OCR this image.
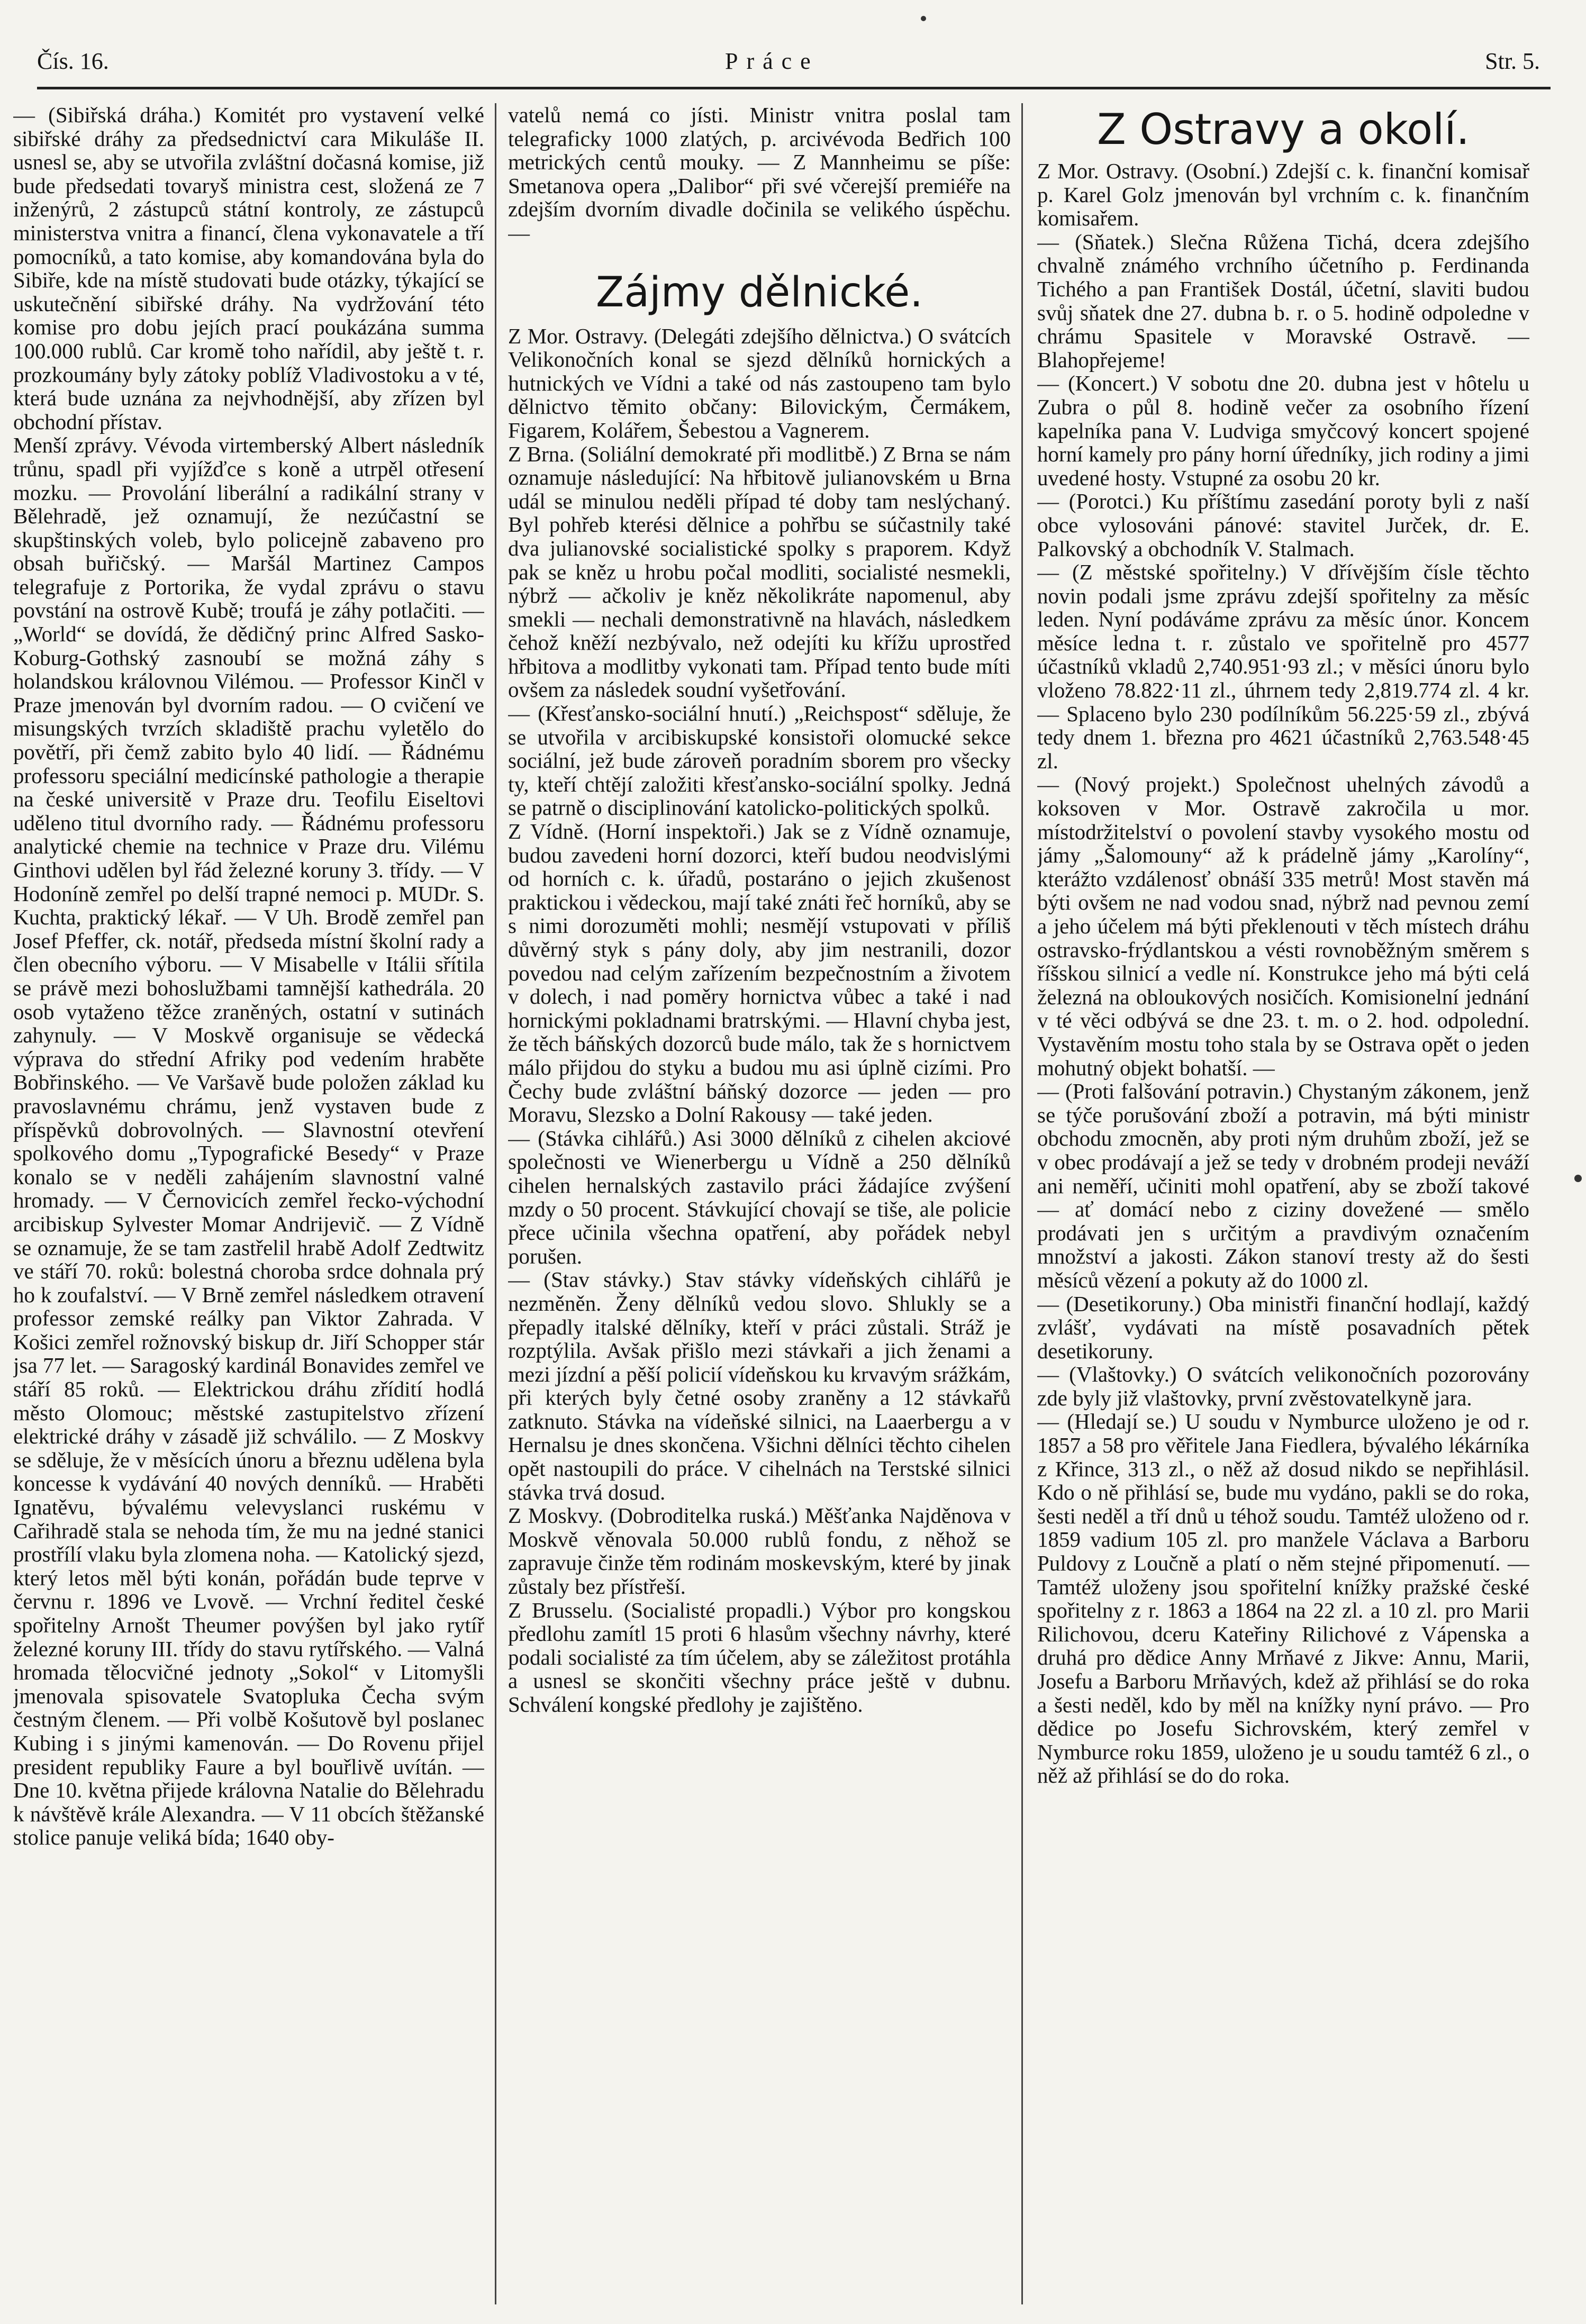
Čís. 16.	Práce	Str. 5.

— (Sibiřská dráha.) Komitét pro vystavení velké sibiřské dráhy za předsednictví cara Mikuláše II. usnesl se, aby se utvořila zvláštní dočasná komise, již bude předsedati tovaryš ministra cest, složená ze 7 inženýrů, 2 zástupců státní kontroly, ze zástupců ministerstva vnitra a financí, člena vykonavatele a tří pomocníků, a tato komise, aby komandována byla do Sibiře, kde na místě studovati bude otázky, týkající se uskutečnění sibiřské dráhy. Na vydržování této komise pro dobu jejích prací poukázána summa 100.000 rublů. Car kromě toho nařídil, aby ještě t. r. prozkoumány byly zátoky poblíž Vladivostoku a v té, která bude uznána za nejvhodnější, aby zřízen byl obchodní přístav.

Menší zprávy. Vévoda virtemberský Albert následník trůnu, spadl při vyjížďce s koně a utrpěl otřesení mozku. — Provolání liberální a radikální strany v Bělehradě, jež oznamují, že nezúčastní se skupštinských voleb, bylo policejně zabaveno pro obsah buřičský. — Maršál Martinez Campos telegrafuje z Portorika, že vydal zprávu o stavu povstání na ostrově Kubě; troufá je záhy potlačiti. — „World“ se dovídá, že dědičný princ Alfred Sasko-Koburg-Gothský zasnoubí se možná záhy s holandskou královnou Vilémou. — Professor Kinčl v Praze jmenován byl dvorním radou. — O cvičení ve misungských tvrzích skladiště prachu vyletělo do povětří, při čemž zabito bylo 40 lidí. — Řádnému professoru speciální medicínské pathologie a therapie na české universitě v Praze dru. Teofilu Eiseltovi uděleno titul dvorního rady. — Řádnému professoru analytické chemie na technice v Praze dru. Vilému Ginthovi udělen byl řád železné koruny 3. třídy. — V Hodoníně zemřel po delší trapné nemoci p. MUDr. S. Kuchta, praktický lékař. — V Uh. Brodě zemřel pan Josef Pfeffer, ck. notář, předseda místní školní rady a člen obecního výboru. — V Misabelle v Itálii sřítila se právě mezi bohoslužbami tamnější kathedrála. 20 osob vytaženo těžce zraněných, ostatní v sutinách zahynuly. — V Moskvě organisuje se vědecká výprava do střední Afriky pod vedením hraběte Bobřinského. — Ve Varšavě bude položen základ ku pravoslavnému chrámu, jenž vystaven bude z příspěvků dobrovolných. — Slavnostní otevření spolkového domu „Typografické Besedy“ v Praze konalo se v neděli zahájením slavnostní valné hromady. — V Černovicích zemřel řecko-východní arcibiskup Sylvester Momar Andrijevič. — Z Vídně se oznamuje, že se tam zastřelil hrabě Adolf Zedtwitz ve stáří 70. roků: bolestná choroba srdce dohnala prý ho k zoufalství. — V Brně zemřel následkem otravení professor zemské reálky pan Viktor Zahrada. V Košici zemřel rožnovský biskup dr. Jiří Schopper stár jsa 77 let. — Saragoský kardinál Bonavides zemřel ve stáří 85 roků. — Elektrickou dráhu zřídití hodlá město Olomouc; městské zastupitelstvo zřízení elektrické dráhy v zásadě již schválilo. — Z Moskvy se sděluje, že v měsících únoru a březnu udělena byla koncesse k vydávání 40 nových denníků. — Hraběti Ignatěvu, bývalému velevyslanci ruskému v Cařihradě stala se nehoda tím, že mu na jedné stanici prostřílí vlaku byla zlomena noha. — Katolický sjezd, který letos měl býti konán, pořádán bude teprve v červnu r. 1896 ve Lvově. — Vrchní ředitel české spořitelny Arnošt Theumer povýšen byl jako rytíř železné koruny III. třídy do stavu rytířského. — Valná hromada tělocvičné jednoty „Sokol“ v Litomyšli jmenovala spisovatele Svatopluka Čecha svým čestným členem. — Při volbě Košutově byl poslanec Kubing i s jinými kamenován. — Do Rovenu přijel president republiky Faure a byl bouřlivě uvítán. — Dne 10. května přijede královna Natalie do Bělehradu k návštěvě krále Alexandra. — V 11 obcích štěžanské stolice panuje veliká bída; 1640 oby-

vatelů nemá co jísti. Ministr vnitra poslal tam telegraficky 1000 zlatých, p. arcivévoda Bedřich 100 metrických centů mouky. — Z Mannheimu se píše: Smetanova opera „Dalibor“ při své včerejší premiéře na zdejším dvorním divadle dočinila se velikého úspěchu. —

Zájmy dělnické.

Z Mor. Ostravy. (Delegáti zdejšího dělnictva.) O svátcích Velikonočních konal se sjezd dělníků hornických a hutnických ve Vídni a také od nás zastoupeno tam bylo dělnictvo těmito občany: Bilovickým, Čermákem, Figarem, Kolářem, Šebestou a Vagnerem.

Z Brna. (Soliální demokraté při modlitbě.) Z Brna se nám oznamuje následující: Na hřbitově julianovském u Brna udál se minulou neděli případ té doby tam neslýchaný. Byl pohřeb kterési dělnice a pohřbu se súčastnily také dva julianovské socialistické spolky s praporem. Když pak se kněz u hrobu počal modliti, socialisté nesmekli, nýbrž — ačkoliv je kněz několikráte napomenul, aby smekli — nechali demonstrativně na hlavách, následkem čehož kněží nezbývalo, než odejíti ku křížu uprostřed hřbitova a modlitby vykonati tam. Případ tento bude míti ovšem za následek soudní vyšetřování.

— (Křesťansko-sociální hnutí.) „Reichspost“ sděluje, že se utvořila v arcibiskupské konsistoři olomucké sekce sociální, jež bude zároveň poradním sborem pro všecky ty, kteří chtějí založiti křesťansko-sociální spolky. Jedná se patrně o disciplinování katolicko-politických spolků.

Z Vídně. (Horní inspektoři.) Jak se z Vídně oznamuje, budou zavedeni horní dozorci, kteří budou neodvislými od horních c. k. úřadů, postaráno o jejich zkušenost praktickou i vědeckou, mají také znáti řeč horníků, aby se s nimi dorozuměti mohli; nesmějí vstupovati v příliš důvěrný styk s pány doly, aby jim nestranili, dozor povedou nad celým zařízením bezpečnostním a životem v dolech, i nad poměry hornictva vůbec a také i nad hornickými pokladnami bratrskými. — Hlavní chyba jest, že těch báňských dozorců bude málo, tak že s hornictvem málo přijdou do styku a budou mu asi úplně cizími. Pro Čechy bude zvláštní báňský dozorce — jeden — pro Moravu, Slezsko a Dolní Rakousy — také jeden.

— (Stávka cihlářů.) Asi 3000 dělníků z cihelen akciové společnosti ve Wienerbergu u Vídně a 250 dělníků cihelen hernalských zastavilo práci žádajíce zvýšení mzdy o 50 procent. Stávkující chovají se tiše, ale policie přece učinila všechna opatření, aby pořádek nebyl porušen.

— (Stav stávky.) Stav stávky vídeňských cihlářů je nezměněn. Ženy dělníků vedou slovo. Shlukly se a přepadly italské dělníky, kteří v práci zůstali. Stráž je rozptýlila. Avšak přišlo mezi stávkaři a jich ženami a mezi jízdní a pěší policií vídeňskou ku krvavým srážkám, při kterých byly četné osoby zraněny a 12 stávkařů zatknuto. Stávka na vídeňské silnici, na Laaerbergu a v Hernalsu je dnes skončena. Všichni dělníci těchto cihelen opět nastoupili do práce. V cihelnách na Terstské silnici stávka trvá dosud.

Z Moskvy. (Dobroditelka ruská.) Měšťanka Najděnova v Moskvě věnovala 50.000 rublů fondu, z něhož se zapravuje činže těm rodinám moskevským, které by jinak zůstaly bez přístřeší.

Z Brusselu. (Socialisté propadli.) Výbor pro kongskou předlohu zamítl 15 proti 6 hlasům všechny návrhy, které podali socialisté za tím účelem, aby se záležitost protáhla a usnesl se skončiti všechny práce ještě v dubnu. Schválení kongské předlohy je zajištěno.

Z Ostravy a okolí.

Z Mor. Ostravy. (Osobní.) Zdejší c. k. finanční komisař p. Karel Golz jmenován byl vrchním c. k. finančním komisařem.

— (Sňatek.) Slečna Růžena Tichá, dcera zdejšího chvalně známého vrchního účetního p. Ferdinanda Tichého a pan František Dostál, účetní, slaviti budou svůj sňatek dne 27. dubna b. r. o 5. hodině odpoledne v chrámu Spasitele v Moravské Ostravě. — Blahopřejeme!

— (Koncert.) V sobotu dne 20. dubna jest v hôtelu u Zubra o půl 8. hodině večer za osobního řízení kapelníka pana V. Ludviga smyčcový koncert spojené horní kamely pro pány horní úředníky, jich rodiny a jimi uvedené hosty. Vstupné za osobu 20 kr.

— (Porotci.) Ku příštímu zasedání poroty byli z naší obce vylosováni pánové: stavitel Jurček, dr. E. Palkovský a obchodník V. Stalmach.

— (Z městské spořitelny.) V dřívějším čísle těchto novin podali jsme zprávu zdejší spořitelny za měsíc leden. Nyní podáváme zprávu za měsíc únor. Koncem měsíce ledna t. r. zůstalo ve spořitelně pro 4577 účastníků vkladů 2,740.951·93 zl.; v měsíci únoru bylo vloženo 78.822·11 zl., úhrnem tedy 2,819.774 zl. 4 kr. — Splaceno bylo 230 podílníkům 56.225·59 zl., zbývá tedy dnem 1. března pro 4621 účastníků 2,763.548·45 zl.

— (Nový projekt.) Společnost uhelných závodů a koksoven v Mor. Ostravě zakročila u mor. místodržitelství o povolení stavby vysokého mostu od jámy „Šalomouny“ až k prádelně jámy „Karolíny“, kterážto vzdálenosť obnáší 335 metrů! Most stavěn má býti ovšem ne nad vodou snad, nýbrž nad pevnou zemí a jeho účelem má býti překlenouti v těch místech dráhu ostravsko-frýdlantskou a vésti rovnoběžným směrem s říšskou silnicí a vedle ní. Konstrukce jeho má býti celá železná na obloukových nosičích. Komisionelní jednání v té věci odbývá se dne 23. t. m. o 2. hod. odpolední. Vystavěním mostu toho stala by se Ostrava opět o jeden mohutný objekt bohatší. —

— (Proti falšování potravin.) Chystaným zákonem, jenž se týče porušování zboží a potravin, má býti ministr obchodu zmocněn, aby proti ným druhům zboží, jež se v obec prodávají a jež se tedy v drobném prodeji neváží ani neměří, učiniti mohl opatření, aby se zboží takové — ať domácí nebo z ciziny dovežené — smělo prodávati jen s určitým a pravdivým označením množství a jakosti. Zákon stanoví tresty až do šesti měsíců vězení a pokuty až do 1000 zl.

— (Desetikoruny.) Oba ministři finanční hodlají, každý zvlášť, vydávati na místě posavadních pětek desetikoruny.

— (Vlaštovky.) O svátcích velikonočních pozorovány zde byly již vlaštovky, první zvěstovatelkyně jara.

— (Hledají se.) U soudu v Nymburce uloženo je od r. 1857 a 58 pro věřitele Jana Fiedlera, bývalého lékárníka z Křince, 313 zl., o něž až dosud nikdo se nepřihlásil. Kdo o ně přihlásí se, bude mu vydáno, pakli se do roka, šesti neděl a tří dnů u téhož soudu. Tamtéž uloženo od r. 1859 vadium 105 zl. pro manžele Václava a Barboru Puldovy z Loučně a platí o něm stejné připomenutí. — Tamtéž uloženy jsou spořitelní knížky pražské české spořitelny z r. 1863 a 1864 na 22 zl. a 10 zl. pro Marii Rilichovou, dceru Kateřiny Rilichové z Vápenska a druhá pro dědice Anny Mrňavé z Jikve: Annu, Marii, Josefu a Barboru Mrňavých, kdež až přihlásí se do roka a šesti neděl, kdo by měl na knížky nyní právo. — Pro dědice po Josefu Sichrovském, který zemřel v Nymburce roku 1859, uloženo je u soudu tamtéž 6 zl., o něž až přihlásí se do do roka.
